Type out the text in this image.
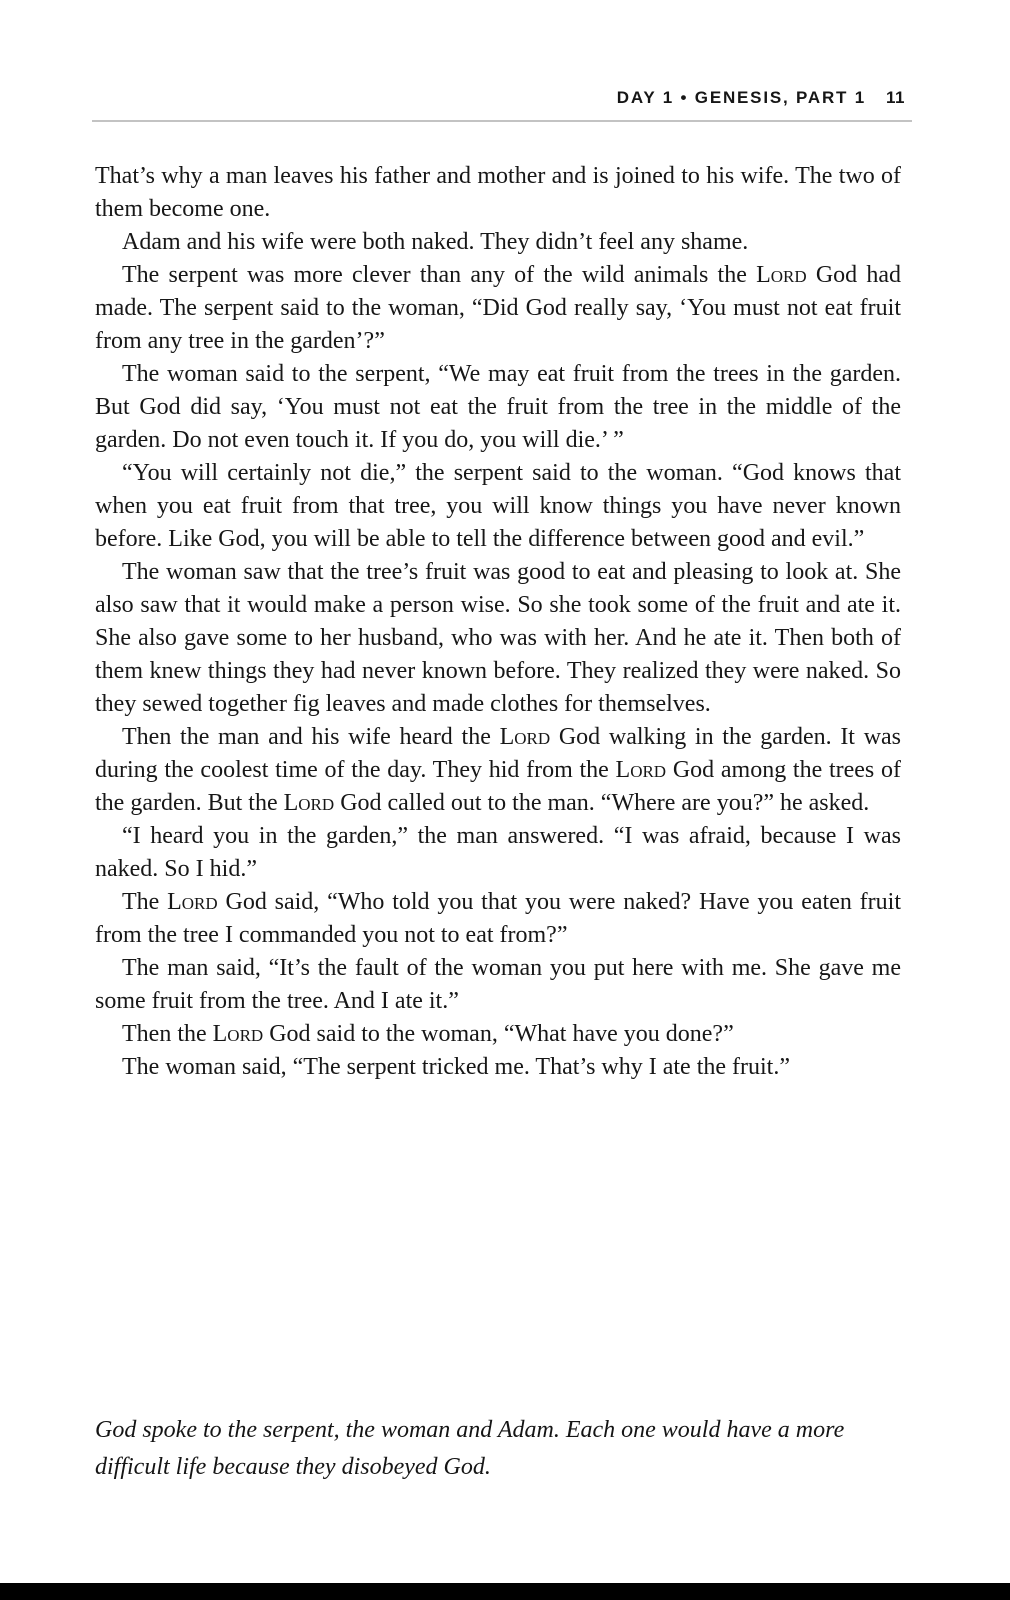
DAY 1 • GENESIS, PART 1 11

That’s why a man leaves his father and mother and is joined to his wife. The two of them become one.

Adam and his wife were both naked. They didn’t feel any shame.

The serpent was more clever than any of the wild animals the Lord God had made. The serpent said to the woman, “Did God really say, ‘You must not eat fruit from any tree in the garden’?”

The woman said to the serpent, “We may eat fruit from the trees in the garden. But God did say, ‘You must not eat the fruit from the tree in the middle of the garden. Do not even touch it. If you do, you will die.’ ”

“You will certainly not die,” the serpent said to the woman. “God knows that when you eat fruit from that tree, you will know things you have never known before. Like God, you will be able to tell the difference between good and evil.”

The woman saw that the tree’s fruit was good to eat and pleasing to look at. She also saw that it would make a person wise. So she took some of the fruit and ate it. She also gave some to her husband, who was with her. And he ate it. Then both of them knew things they had never known before. They realized they were naked. So they sewed together fig leaves and made clothes for themselves.

Then the man and his wife heard the Lord God walking in the garden. It was during the coolest time of the day. They hid from the Lord God among the trees of the garden. But the Lord God called out to the man. “Where are you?” he asked.

“I heard you in the garden,” the man answered. “I was afraid, because I was naked. So I hid.”

The Lord God said, “Who told you that you were naked? Have you eaten fruit from the tree I commanded you not to eat from?”

The man said, “It’s the fault of the woman you put here with me. She gave me some fruit from the tree. And I ate it.”

Then the Lord God said to the woman, “What have you done?”

The woman said, “The serpent tricked me. That’s why I ate the fruit.”

God spoke to the serpent, the woman and Adam. Each one would have a more difficult life because they disobeyed God.
